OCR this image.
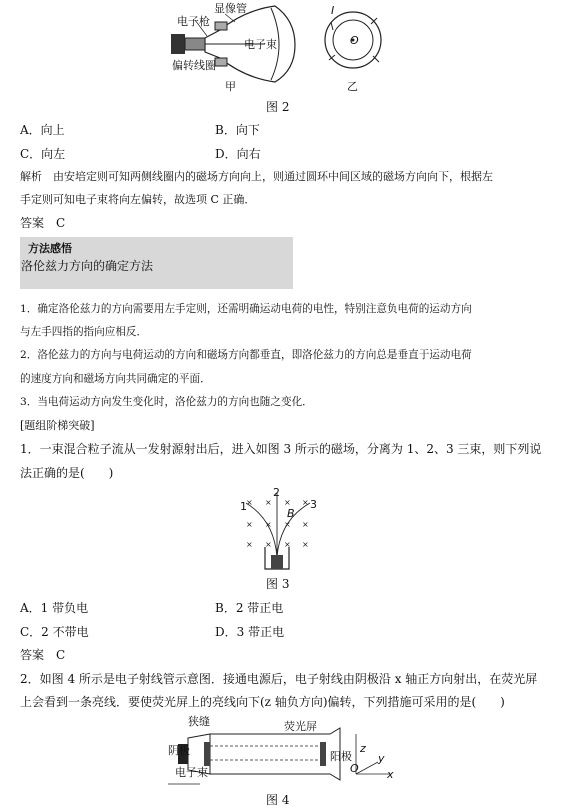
显像管
电子枪
电子束
偏转线圈
I
O
甲	乙
图 2
A．向上	B．向下
C．向左	D．向右
解析　由安培定则可知两侧线圈内的磁场方向向上，则通过圆环中间区域的磁场方向向下，根据左
手定则可知电子束将向左偏转，故选项 C 正确．
答案　C
方法感悟
洛伦兹力方向的确定方法
1．确定洛伦兹力的方向需要用左手定则，还需明确运动电荷的电性，特别注意负电荷的运动方向
与左手四指的指向应相反．
2．洛伦兹力的方向与电荷运动的方向和磁场方向都垂直，即洛伦兹力的方向总是垂直于运动电荷
的速度方向和磁场方向共同确定的平面．
3．当电荷运动方向发生变化时，洛伦兹力的方向也随之变化．
[题组阶梯突破]
1．一束混合粒子流从一发射源射出后，进入如图 3 所示的磁场，分离为 1、2、3 三束，则下列说
法正确的是(　　)
× × × ×
× × × ×
× × × ×
1
2
3
B
图 3
A．1 带负电	B．2 带正电
C．2 不带电	D．3 带正电
答案　C
2．如图 4 所示是电子射线管示意图．接通电源后，电子射线由阴极沿 x 轴正方向射出，在荧光屏
上会看到一条亮线．要使荧光屏上的亮线向下(z 轴负方向)偏转，下列措施可采用的是(　　)
狭缝	荧光屏
阴极	阳极
电子束
z
y
x
O
图 4
